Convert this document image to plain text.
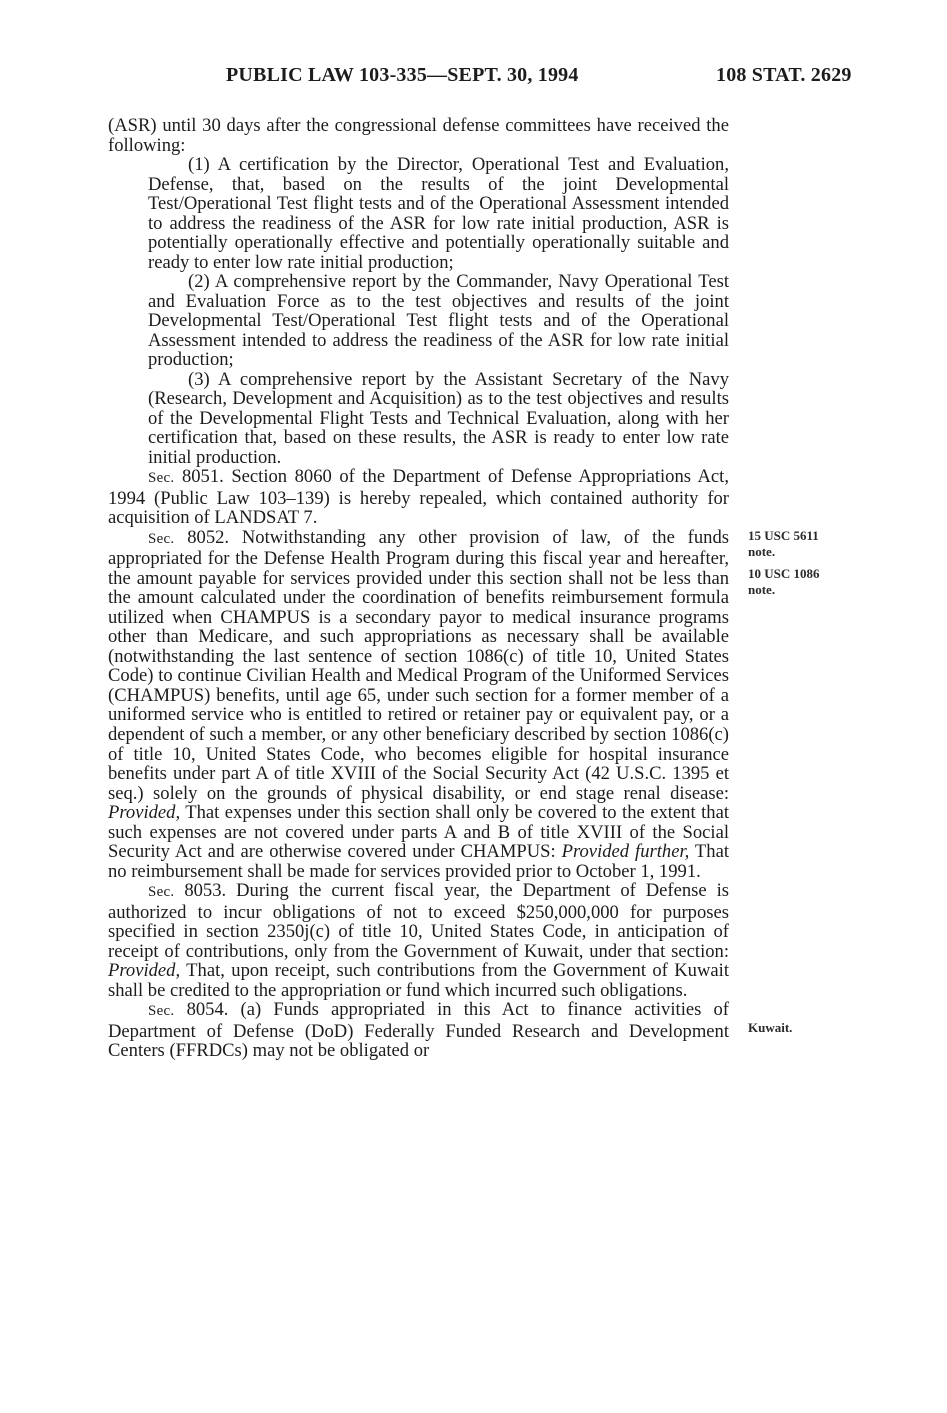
PUBLIC LAW 103-335—SEPT. 30, 1994	108 STAT. 2629

(ASR) until 30 days after the congressional defense committees have received the following:

(1) A certification by the Director, Operational Test and Evaluation, Defense, that, based on the results of the joint Developmental Test/Operational Test flight tests and of the Operational Assessment intended to address the readiness of the ASR for low rate initial production, ASR is potentially operationally effective and potentially operationally suitable and ready to enter low rate initial production;

(2) A comprehensive report by the Commander, Navy Operational Test and Evaluation Force as to the test objectives and results of the joint Developmental Test/Operational Test flight tests and of the Operational Assessment intended to address the readiness of the ASR for low rate initial production;

(3) A comprehensive report by the Assistant Secretary of the Navy (Research, Development and Acquisition) as to the test objectives and results of the Developmental Flight Tests and Technical Evaluation, along with her certification that, based on these results, the ASR is ready to enter low rate initial production.

Sec. 8051. Section 8060 of the Department of Defense Appropriations Act, 1994 (Public Law 103–139) is hereby repealed, which contained authority for acquisition of LANDSAT 7.

Sec. 8052. Notwithstanding any other provision of law, of the funds appropriated for the Defense Health Program during this fiscal year and hereafter, the amount payable for services provided under this section shall not be less than the amount calculated under the coordination of benefits reimbursement formula utilized when CHAMPUS is a secondary payor to medical insurance programs other than Medicare, and such appropriations as necessary shall be available (notwithstanding the last sentence of section 1086(c) of title 10, United States Code) to continue Civilian Health and Medical Program of the Uniformed Services (CHAMPUS) benefits, until age 65, under such section for a former member of a uniformed service who is entitled to retired or retainer pay or equivalent pay, or a dependent of such a member, or any other beneficiary described by section 1086(c) of title 10, United States Code, who becomes eligible for hospital insurance benefits under part A of title XVIII of the Social Security Act (42 U.S.C. 1395 et seq.) solely on the grounds of physical disability, or end stage renal disease: Provided, That expenses under this section shall only be covered to the extent that such expenses are not covered under parts A and B of title XVIII of the Social Security Act and are otherwise covered under CHAMPUS: Provided further, That no reimbursement shall be made for services provided prior to October 1, 1991.

Sec. 8053. During the current fiscal year, the Department of Defense is authorized to incur obligations of not to exceed $250,000,000 for purposes specified in section 2350j(c) of title 10, United States Code, in anticipation of receipt of contributions, only from the Government of Kuwait, under that section: Provided, That, upon receipt, such contributions from the Government of Kuwait shall be credited to the appropriation or fund which incurred such obligations.

Sec. 8054. (a) Funds appropriated in this Act to finance activities of Department of Defense (DoD) Federally Funded Research and Development Centers (FFRDCs) may not be obligated or

15 USC 5611
note.
10 USC 1086
note.
Kuwait.
